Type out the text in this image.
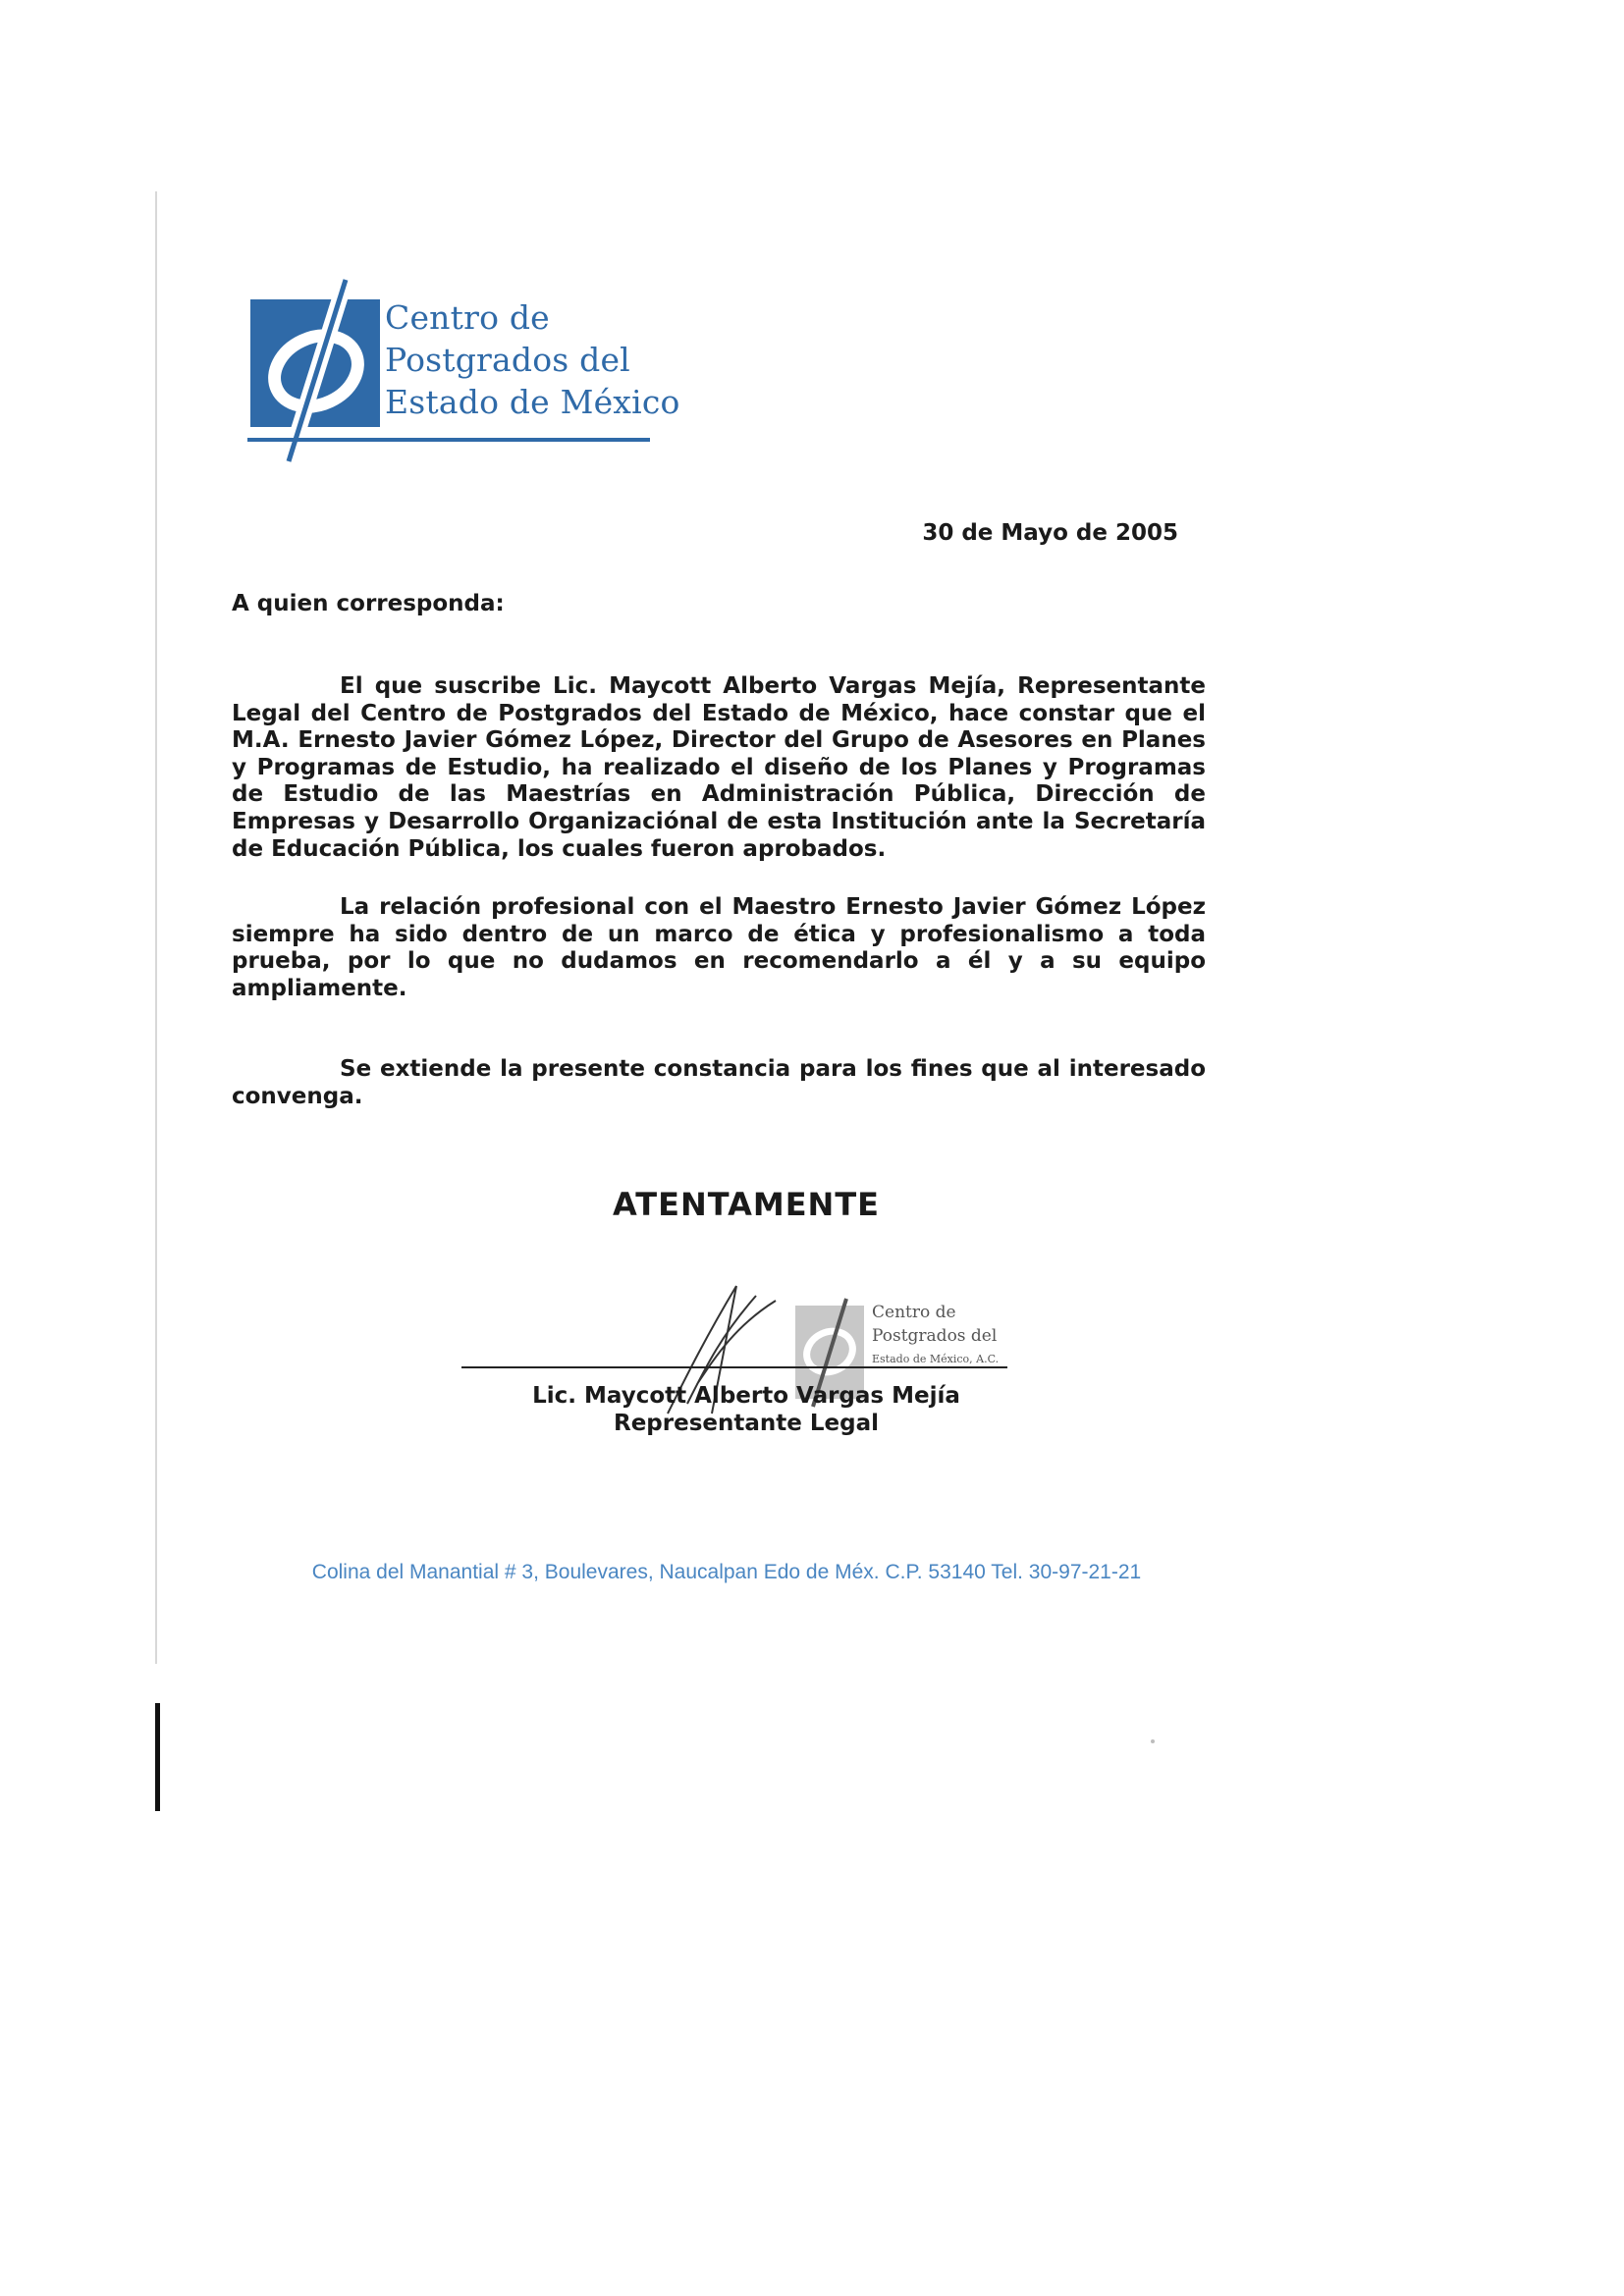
Centro de
Postgrados del
Estado de México
30 de Mayo de 2005
A quien corresponda:

El que suscribe Lic. Maycott Alberto Vargas Mejía, Representante Legal del Centro de Postgrados del Estado de México, hace constar que el M.A. Ernesto Javier Gómez López, Director del Grupo de Asesores en Planes y Programas de Estudio, ha realizado el diseño de los Planes y Programas de Estudio de las Maestrías en Administración Pública, Dirección de Empresas y Desarrollo Organizaciónal de esta Institución ante la Secretaría de Educación Pública, los cuales fueron aprobados.

La relación profesional con el Maestro Ernesto Javier Gómez López siempre ha sido dentro de un marco de ética y profesionalismo a toda prueba, por lo que no dudamos en recomendarlo a él y a su equipo ampliamente.

Se extiende la presente constancia para los fines que al interesado convenga.

ATENTAMENTE
Centro de
Postgrados del
Estado de México, A.C.
Lic. Maycott Alberto Vargas Mejía
Representante Legal
Colina del Manantial # 3, Boulevares, Naucalpan Edo de Méx. C.P. 53140 Tel. 30-97-21-21
